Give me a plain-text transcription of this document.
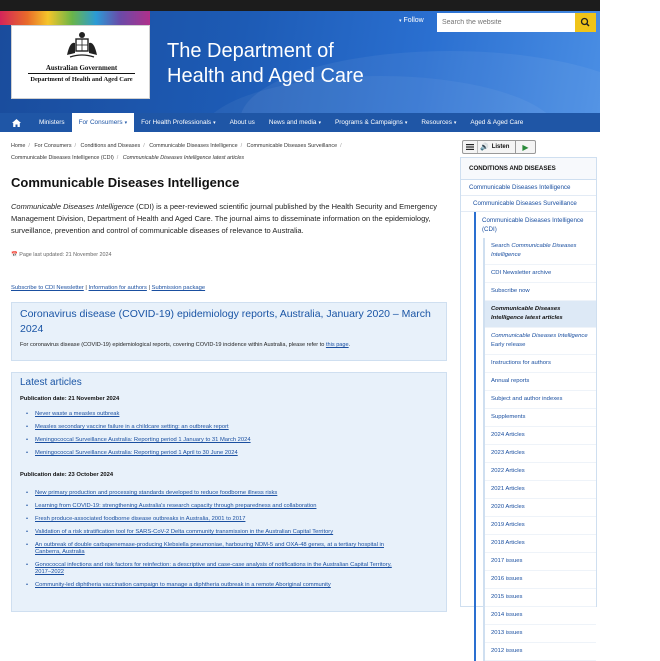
Australian Government
Department of Health and Aged Care
The Department of
Health and Aged Care
▾ Follow
Search the website
Ministers	For Consumers ▾	For Health Professionals ▾	About us	News and media ▾	Programs & Campaigns ▾	Resources ▾	Aged & Aged Care
Home / For Consumers / Conditions and Diseases / Communicable Diseases Intelligence / Communicable Diseases Surveillance /
Communicable Diseases Intelligence (CDI) / Communicable Diseases Intelligence latest articles
🔊 Listen ▶
Communicable Diseases Intelligence

Communicable Diseases Intelligence (CDI) is a peer-reviewed scientific journal published by the Health Security and Emergency Management Division, Department of Health and Aged Care. The journal aims to disseminate information on the epidemiology, surveillance, prevention and control of communicable diseases of relevance to Australia.

📅 Page last updated: 21 November 2024
Subscribe to CDI Newsletter | Information for authors | Submission package
Coronavirus disease (COVID-19) epidemiology reports, Australia, January 2020 – March 2024
For coronavirus disease (COVID-19) epidemiological reports, covering COVID-19 incidence within Australia, please refer to this page.
Latest articles
Publication date: 21 November 2024
• Never waste a measles outbreak
• Measles secondary vaccine failure in a childcare setting: an outbreak report
• Meningococcal Surveillance Australia: Reporting period 1 January to 31 March 2024
• Meningococcal Surveillance Australia: Reporting period 1 April to 30 June 2024
Publication date: 23 October 2024
• New primary production and processing standards developed to reduce foodborne illness risks
• Learning from COVID-19: strengthening Australia's research capacity through preparedness and collaboration
• Fresh produce-associated foodborne disease outbreaks in Australia, 2001 to 2017
• Validation of a risk stratification tool for SARS-CoV-2 Delta community transmission in the Australian Capital Territory
• An outbreak of double carbapenemase-producing Klebsiella pneumoniae, harbouring NDM-5 and OXA-48 genes, at a tertiary hospital in Canberra, Australia
• Gonococcal infections and risk factors for reinfection: a descriptive and case-case analysis of notifications in the Australian Capital Territory, 2017–2022
• Community-led diphtheria vaccination campaign to manage a diphtheria outbreak in a remote Aboriginal community
CONDITIONS AND DISEASES
Communicable Diseases Intelligence
Communicable Diseases Surveillance
Communicable Diseases Intelligence (CDI)
Search Communicable Diseases Intelligence
CDI Newsletter archive
Subscribe now
Communicable Diseases Intelligence latest articles
Communicable Diseases Intelligence Early release
Instructions for authors
Annual reports
Subject and author indexes
Supplements
2024 Articles
2023 Articles
2022 Articles
2021 Articles
2020 Articles
2019 Articles
2018 Articles
2017 issues
2016 issues
2015 issues
2014 issues
2013 issues
2012 issues
